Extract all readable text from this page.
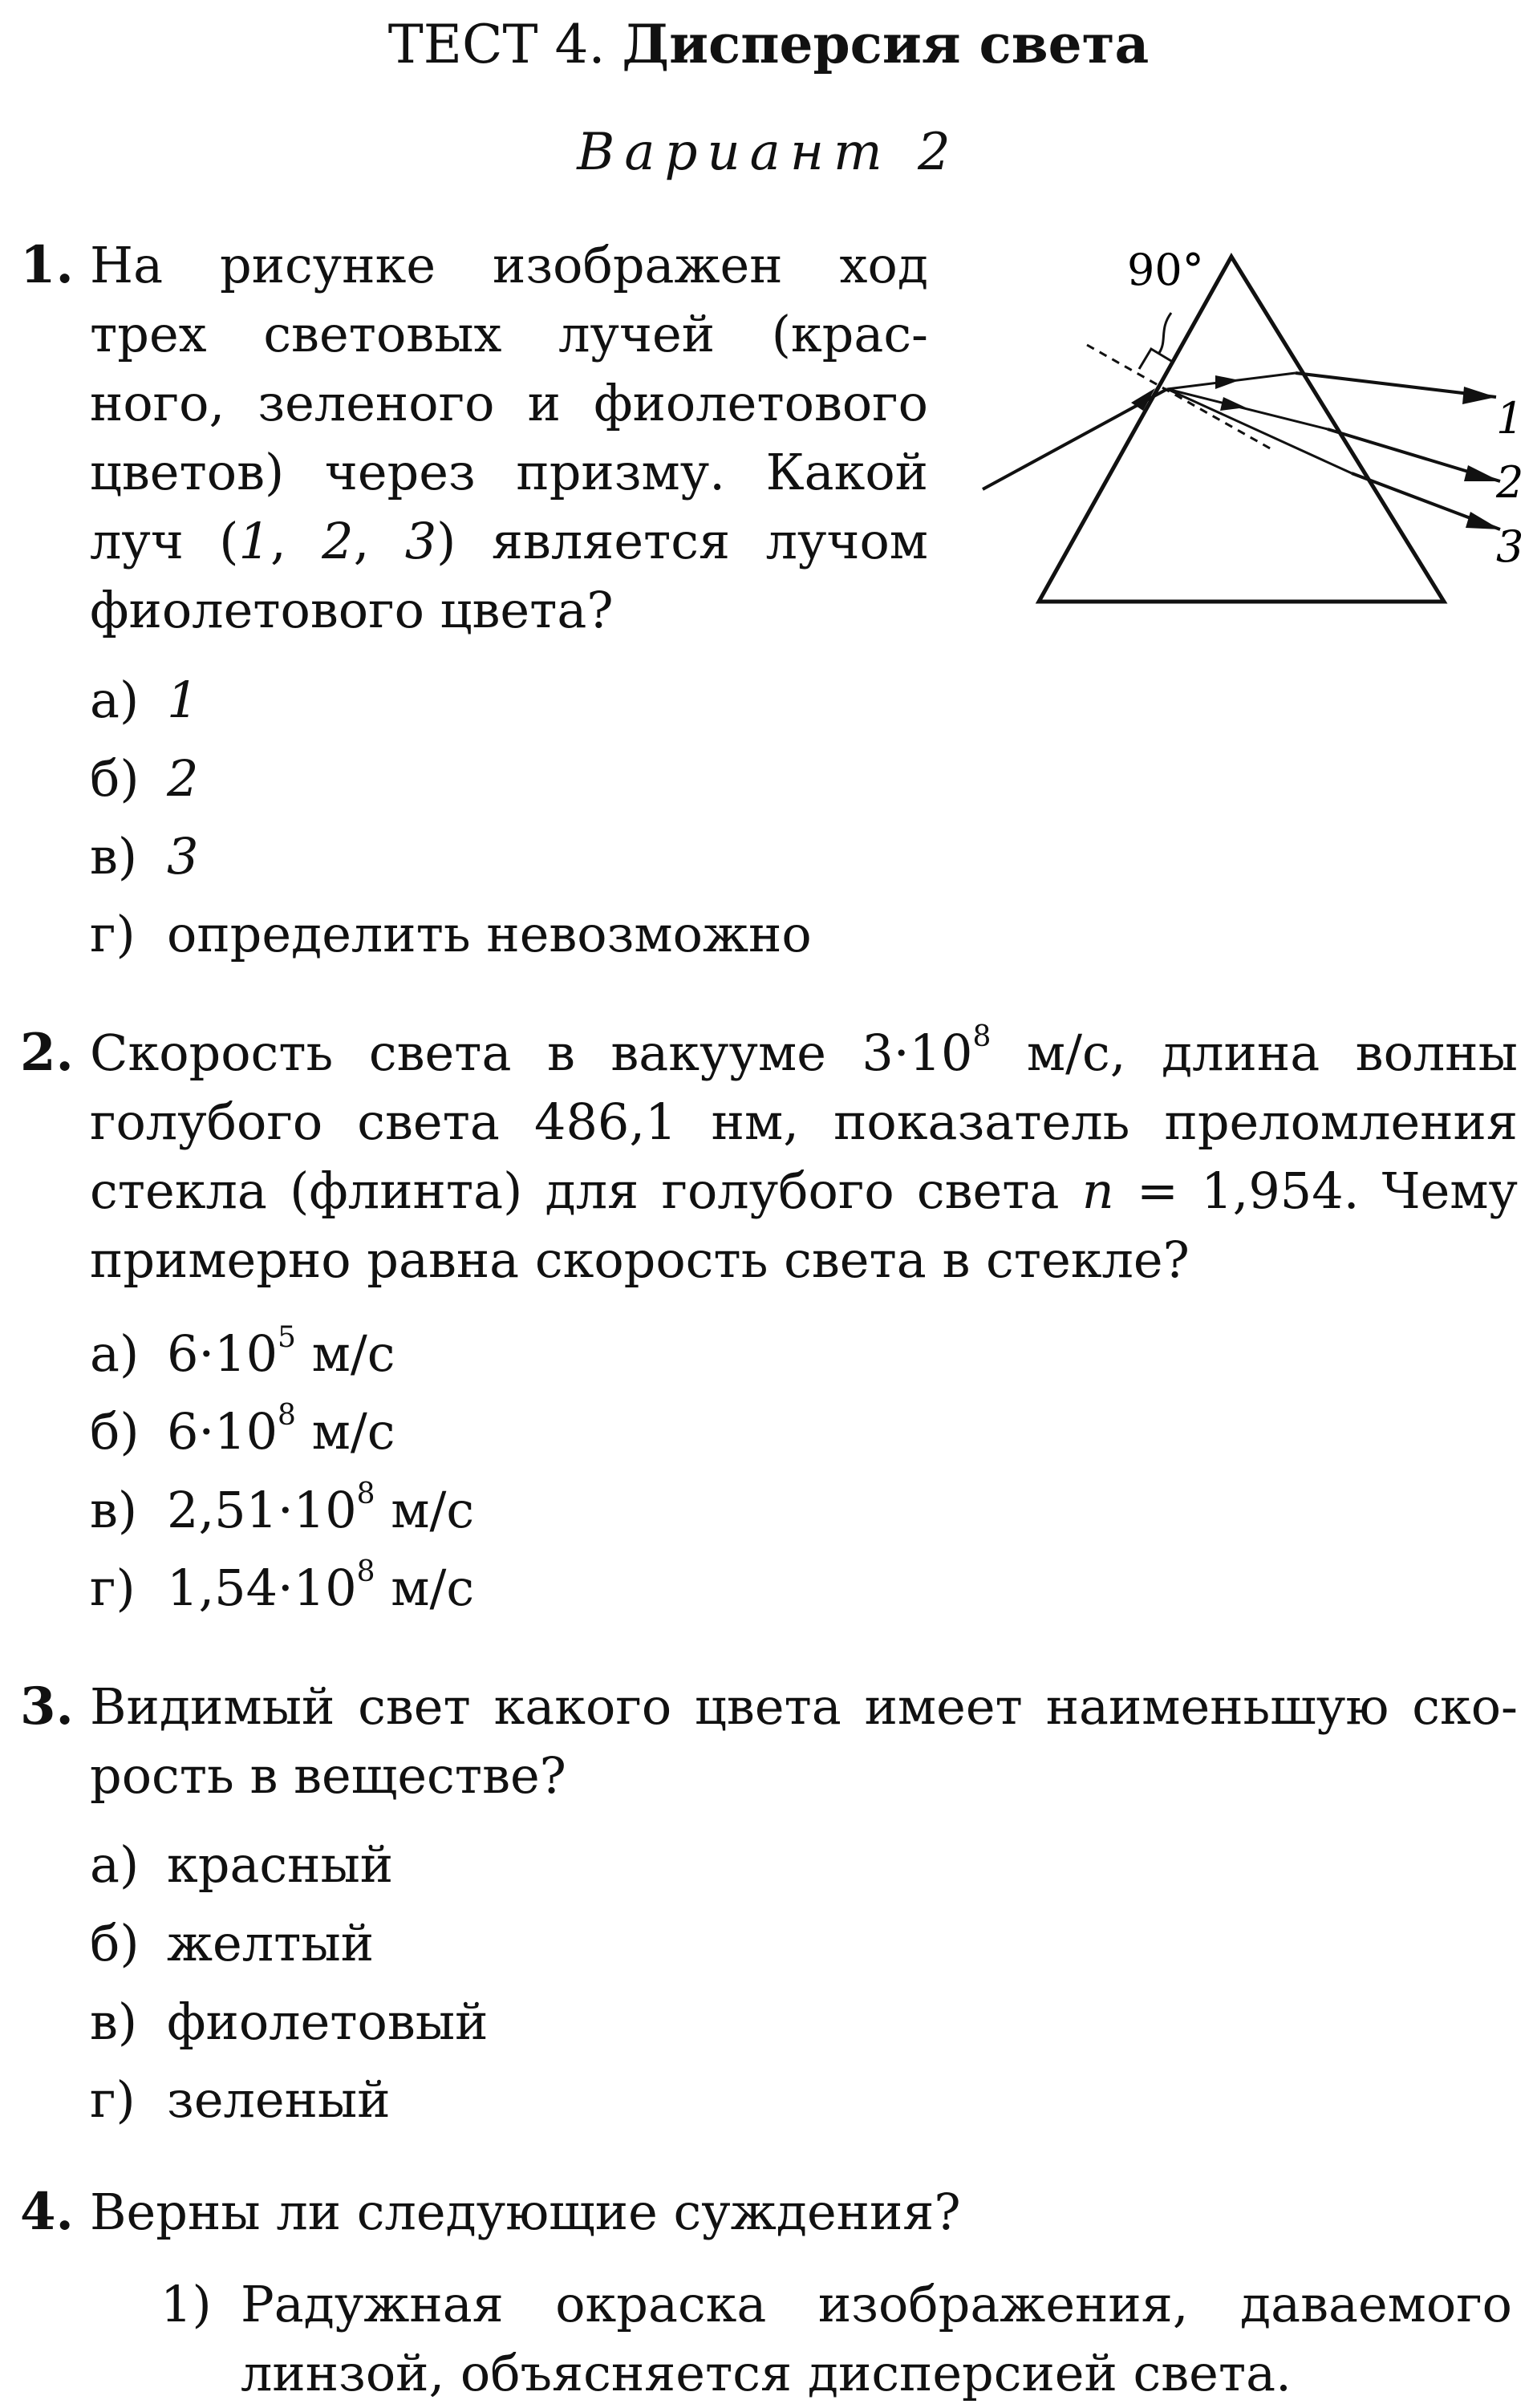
ТЕСТ 4. Дисперсия света
Вариант 2
1. На рисунке изображен ход
трех световых лучей (крас-
ного, зеленого и фиолетового
цветов) через призму. Какой
луч (1, 2, 3) является лучом
фиолетового цвета?
90°
1
2
3
а) 1
б) 2
в) 3
г) определить невозможно
2. Скорость света в вакууме $3\cdot 10^8$ м/с, длина волны
голубого света 486,1 нм, показатель преломления
стекла (флинта) для голубого света n = 1,954. Чему
примерно равна скорость света в стекле?
а) $6\cdot 10^5$ м/с
б) $6\cdot 10^8$ м/с
в) $2,51\cdot 10^8$ м/с
г) $1,54\cdot 10^8$ м/с
3. Видимый свет какого цвета имеет наименьшую ско-
рость в веществе?
а) красный
б) желтый
в) фиолетовый
г) зеленый
4. Верны ли следующие суждения?
1) Радужная окраска изображения, даваемого
линзой, объясняется дисперсией света.
